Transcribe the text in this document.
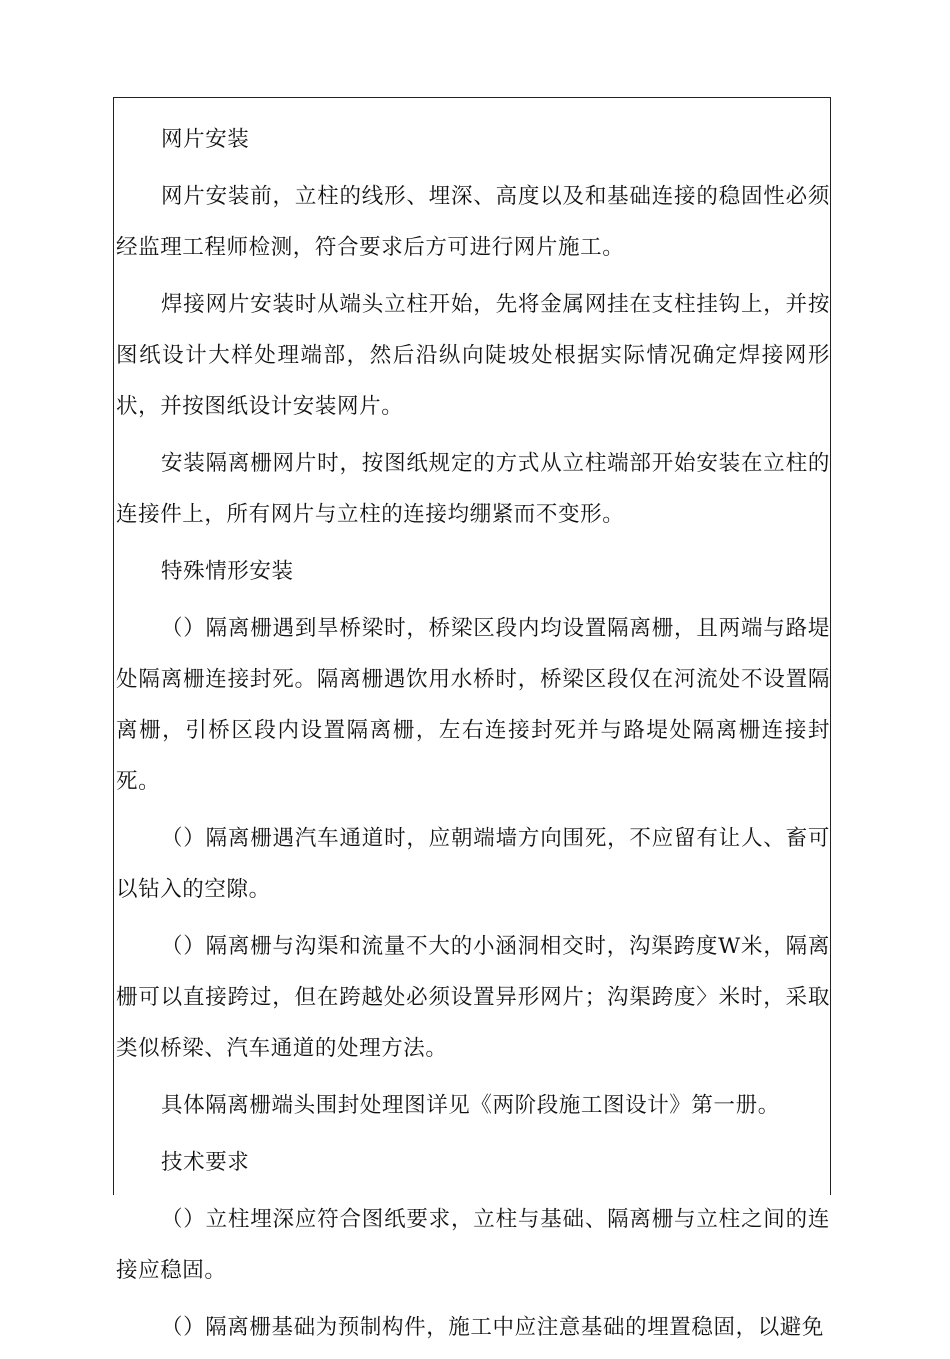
网片安装

网片安装前，立柱的线形、埋深、高度以及和基础连接的稳固性必须经监理工程师检测，符合要求后方可进行网片施工。

焊接网片安装时从端头立柱开始，先将金属网挂在支柱挂钩上，并按图纸设计大样处理端部，然后沿纵向陡坡处根据实际情况确定焊接网形状，并按图纸设计安装网片。

安装隔离栅网片时，按图纸规定的方式从立柱端部开始安装在立柱的连接件上，所有网片与立柱的连接均绷紧而不变形。

特殊情形安装

（）隔离栅遇到旱桥梁时，桥梁区段内均设置隔离栅，且两端与路堤处隔离栅连接封死。隔离栅遇饮用水桥时，桥梁区段仅在河流处不设置隔离栅，引桥区段内设置隔离栅，左右连接封死并与路堤处隔离栅连接封死。

（）隔离栅遇汽车通道时，应朝端墙方向围死，不应留有让人、畜可以钻入的空隙。

（）隔离栅与沟渠和流量不大的小涵洞相交时，沟渠跨度W米，隔离栅可以直接跨过，但在跨越处必须设置异形网片；沟渠跨度〉米时，采取类似桥梁、汽车通道的处理方法。

具体隔离栅端头围封处理图详见《两阶段施工图设计》第一册。

技术要求

（）立柱埋深应符合图纸要求，立柱与基础、隔离栅与立柱之间的连接应稳固。

（）隔离栅基础为预制构件，施工中应注意基础的埋置稳固，以避免
